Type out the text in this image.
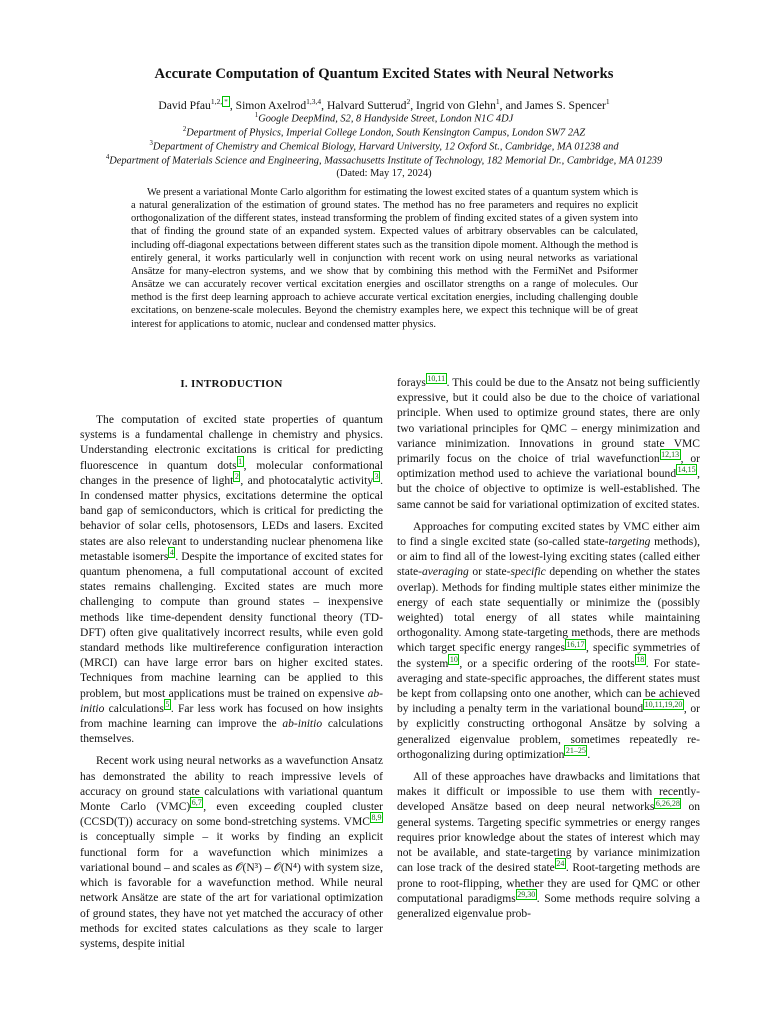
Accurate Computation of Quantum Excited States with Neural Networks
David Pfau$^{1,2,}$ * , Simon Axelrod$^{1,3,4}$, Halvard Sutterud$^2$, Ingrid von Glehn$^1$, and James S. Spencer$^1$
$^1$Google DeepMind, S2, 8 Handyside Street, London N1C 4DJ
$^2$Department of Physics, Imperial College London, South Kensington Campus, London SW7 2AZ
$^3$Department of Chemistry and Chemical Biology, Harvard University, 12 Oxford St., Cambridge, MA 01238 and
$^4$Department of Materials Science and Engineering, Massachusetts Institute of Technology, 182 Memorial Dr., Cambridge, MA 01239
(Dated: May 17, 2024)
We present a variational Monte Carlo algorithm for estimating the lowest excited states of a quantum system which is a natural generalization of the estimation of ground states. The method has no free parameters and requires no explicit orthogonalization of the different states, instead transforming the problem of finding excited states of a given system into that of finding the ground state of an expanded system. Expected values of arbitrary observables can be calculated, including off-diagonal expectations between different states such as the transition dipole moment. Although the method is entirely general, it works particularly well in conjunction with recent work on using neural networks as variational Ansätze for many-electron systems, and we show that by combining this method with the FermiNet and Psiformer Ansätze we can accurately recover vertical excitation energies and oscillator strengths on a range of molecules. Our method is the first deep learning approach to achieve accurate vertical excitation energies, including challenging double excitations, on benzene-scale molecules. Beyond the chemistry examples here, we expect this technique will be of great interest for applications to atomic, nuclear and condensed matter physics.
I. INTRODUCTION

The computation of excited state properties of quantum systems is a fundamental challenge in chemistry and physics. Understanding electronic excitations is critical for predicting fluorescence in quantum dots $^1$ , molecular conformational changes in the presence of light $^2$ , and photocatalytic activity $^3$ . In condensed matter physics, excitations determine the optical band gap of semiconductors, which is critical for predicting the behavior of solar cells, photosensors, LEDs and lasers. Excited states are also relevant to understanding nuclear phenomena like metastable isomers $^4$ . Despite the importance of excited states for quantum phenomena, a full computational account of excited states remains challenging. Excited states are much more challenging to compute than ground states – inexpensive methods like time-dependent density functional theory (TD-DFT) often give qualitatively incorrect results, while even gold standard methods like multireference configuration interaction (MRCI) can have large error bars on higher excited states. Techniques from machine learning can be applied to this problem, but most applications must be trained on expensive ab-initio calculations $^5$ . Far less work has focused on how insights from machine learning can improve the ab-initio calculations themselves.

Recent work using neural networks as a wavefunction Ansatz has demonstrated the ability to reach impressive levels of accuracy on ground state calculations with variational quantum Monte Carlo (VMC) $^{6,7}$ , even exceeding coupled cluster (CCSD(T)) accuracy on some bond-stretching systems. VMC $^{8,9}$ is conceptually simple – it works by finding an explicit functional form for a wavefunction which minimizes a variational bound – and scales as 𝒪(N³) – 𝒪(N⁴) with system size, which is favorable for a wavefunction method. While neural network Ansätze are state of the art for variational optimization of ground states, they have not yet matched the accuracy of other methods for excited states calculations as they scale to larger systems, despite initial

forays $^{10,11}$ . This could be due to the Ansatz not being sufficiently expressive, but it could also be due to the choice of variational principle. When used to optimize ground states, there are only two variational principles for QMC – energy minimization and variance minimization. Innovations in ground state VMC primarily focus on the choice of trial wavefunction $^{12,13}$ , or optimization method used to achieve the variational bound $^{14,15}$ , but the choice of objective to optimize is well-established. The same cannot be said for variational optimization of excited states.

Approaches for computing excited states by VMC either aim to find a single excited state (so-called state-targeting methods), or aim to find all of the lowest-lying exciting states (called either state-averaging or state-specific depending on whether the states overlap). Methods for finding multiple states either minimize the energy of each state sequentially or minimize the (possibly weighted) total energy of all states while maintaining orthogonality. Among state-targeting methods, there are methods which target specific energy ranges $^{16,17}$ , specific symmetries of the system $^{10}$ , or a specific ordering of the roots $^{18}$ . For state-averaging and state-specific approaches, the different states must be kept from collapsing onto one another, which can be achieved by including a penalty term in the variational bound $^{10,11,19,20}$ , or by explicitly constructing orthogonal Ansätze by solving a generalized eigenvalue problem, sometimes repeatedly re-orthogonalizing during optimization $^{21-25}$ .

All of these approaches have drawbacks and limitations that makes it difficult or impossible to use them with recently-developed Ansätze based on deep neural networks $^{6,26,28}$ on general systems. Targeting specific symmetries or energy ranges requires prior knowledge about the states of interest which may not be available, and state-targeting by variance minimization can lose track of the desired state $^{24}$ . Root-targeting methods are prone to root-flipping, whether they are used for QMC or other computational paradigms $^{29,30}$ . Some methods require solving a generalized eigenvalue prob-
